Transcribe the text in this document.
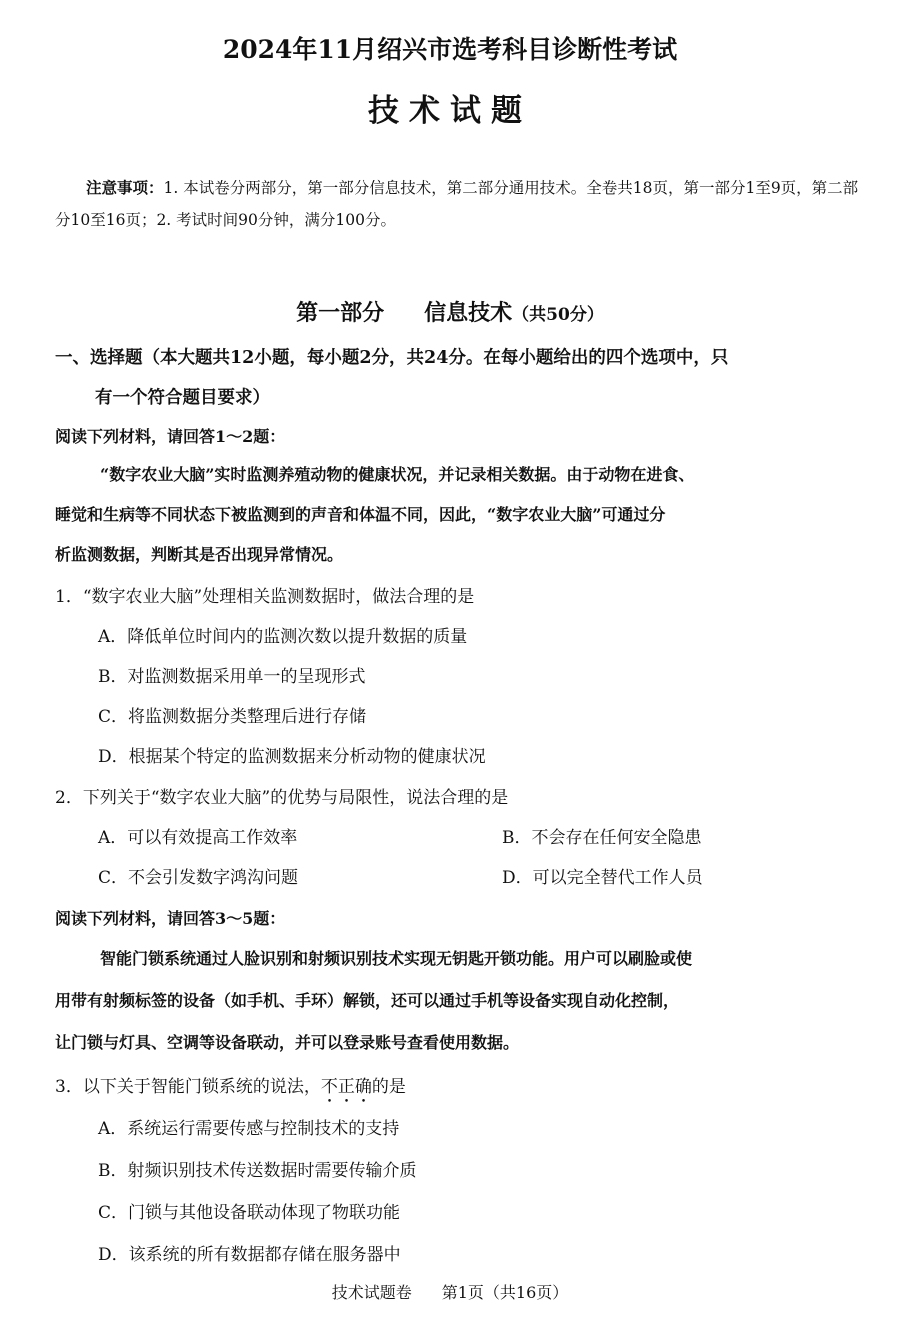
2024年11月绍兴市选考科目诊断性考试
技术试题
注意事项：1. 本试卷分两部分，第一部分信息技术，第二部分通用技术。全卷共18页，第一部分1至9页，第二部分10至16页；2. 考试时间90分钟，满分100分。
第一部分 信息技术（共50分）
一、选择题（本大题共12小题，每小题2分，共24分。在每小题给出的四个选项中，只
有一个符合题目要求）
阅读下列材料，请回答1～2题：
“数字农业大脑”实时监测养殖动物的健康状况，并记录相关数据。由于动物在进食、
睡觉和生病等不同状态下被监测到的声音和体温不同，因此，“数字农业大脑”可通过分
析监测数据，判断其是否出现异常情况。
1．“数字农业大脑”处理相关监测数据时，做法合理的是
A．降低单位时间内的监测次数以提升数据的质量
B．对监测数据采用单一的呈现形式
C．将监测数据分类整理后进行存储
D．根据某个特定的监测数据来分析动物的健康状况
2．下列关于“数字农业大脑”的优势与局限性，说法合理的是
A．可以有效提高工作效率	B．不会存在任何安全隐患
C．不会引发数字鸿沟问题	D．可以完全替代工作人员
阅读下列材料，请回答3～5题：
智能门锁系统通过人脸识别和射频识别技术实现无钥匙开锁功能。用户可以刷脸或使
用带有射频标签的设备（如手机、手环）解锁，还可以通过手机等设备实现自动化控制，
让门锁与灯具、空调等设备联动，并可以登录账号查看使用数据。
3．以下关于智能门锁系统的说法，不正确的是
A．系统运行需要传感与控制技术的支持
B．射频识别技术传送数据时需要传输介质
C．门锁与其他设备联动体现了物联功能
D．该系统的所有数据都存储在服务器中
技术试题卷 第1页（共16页）
